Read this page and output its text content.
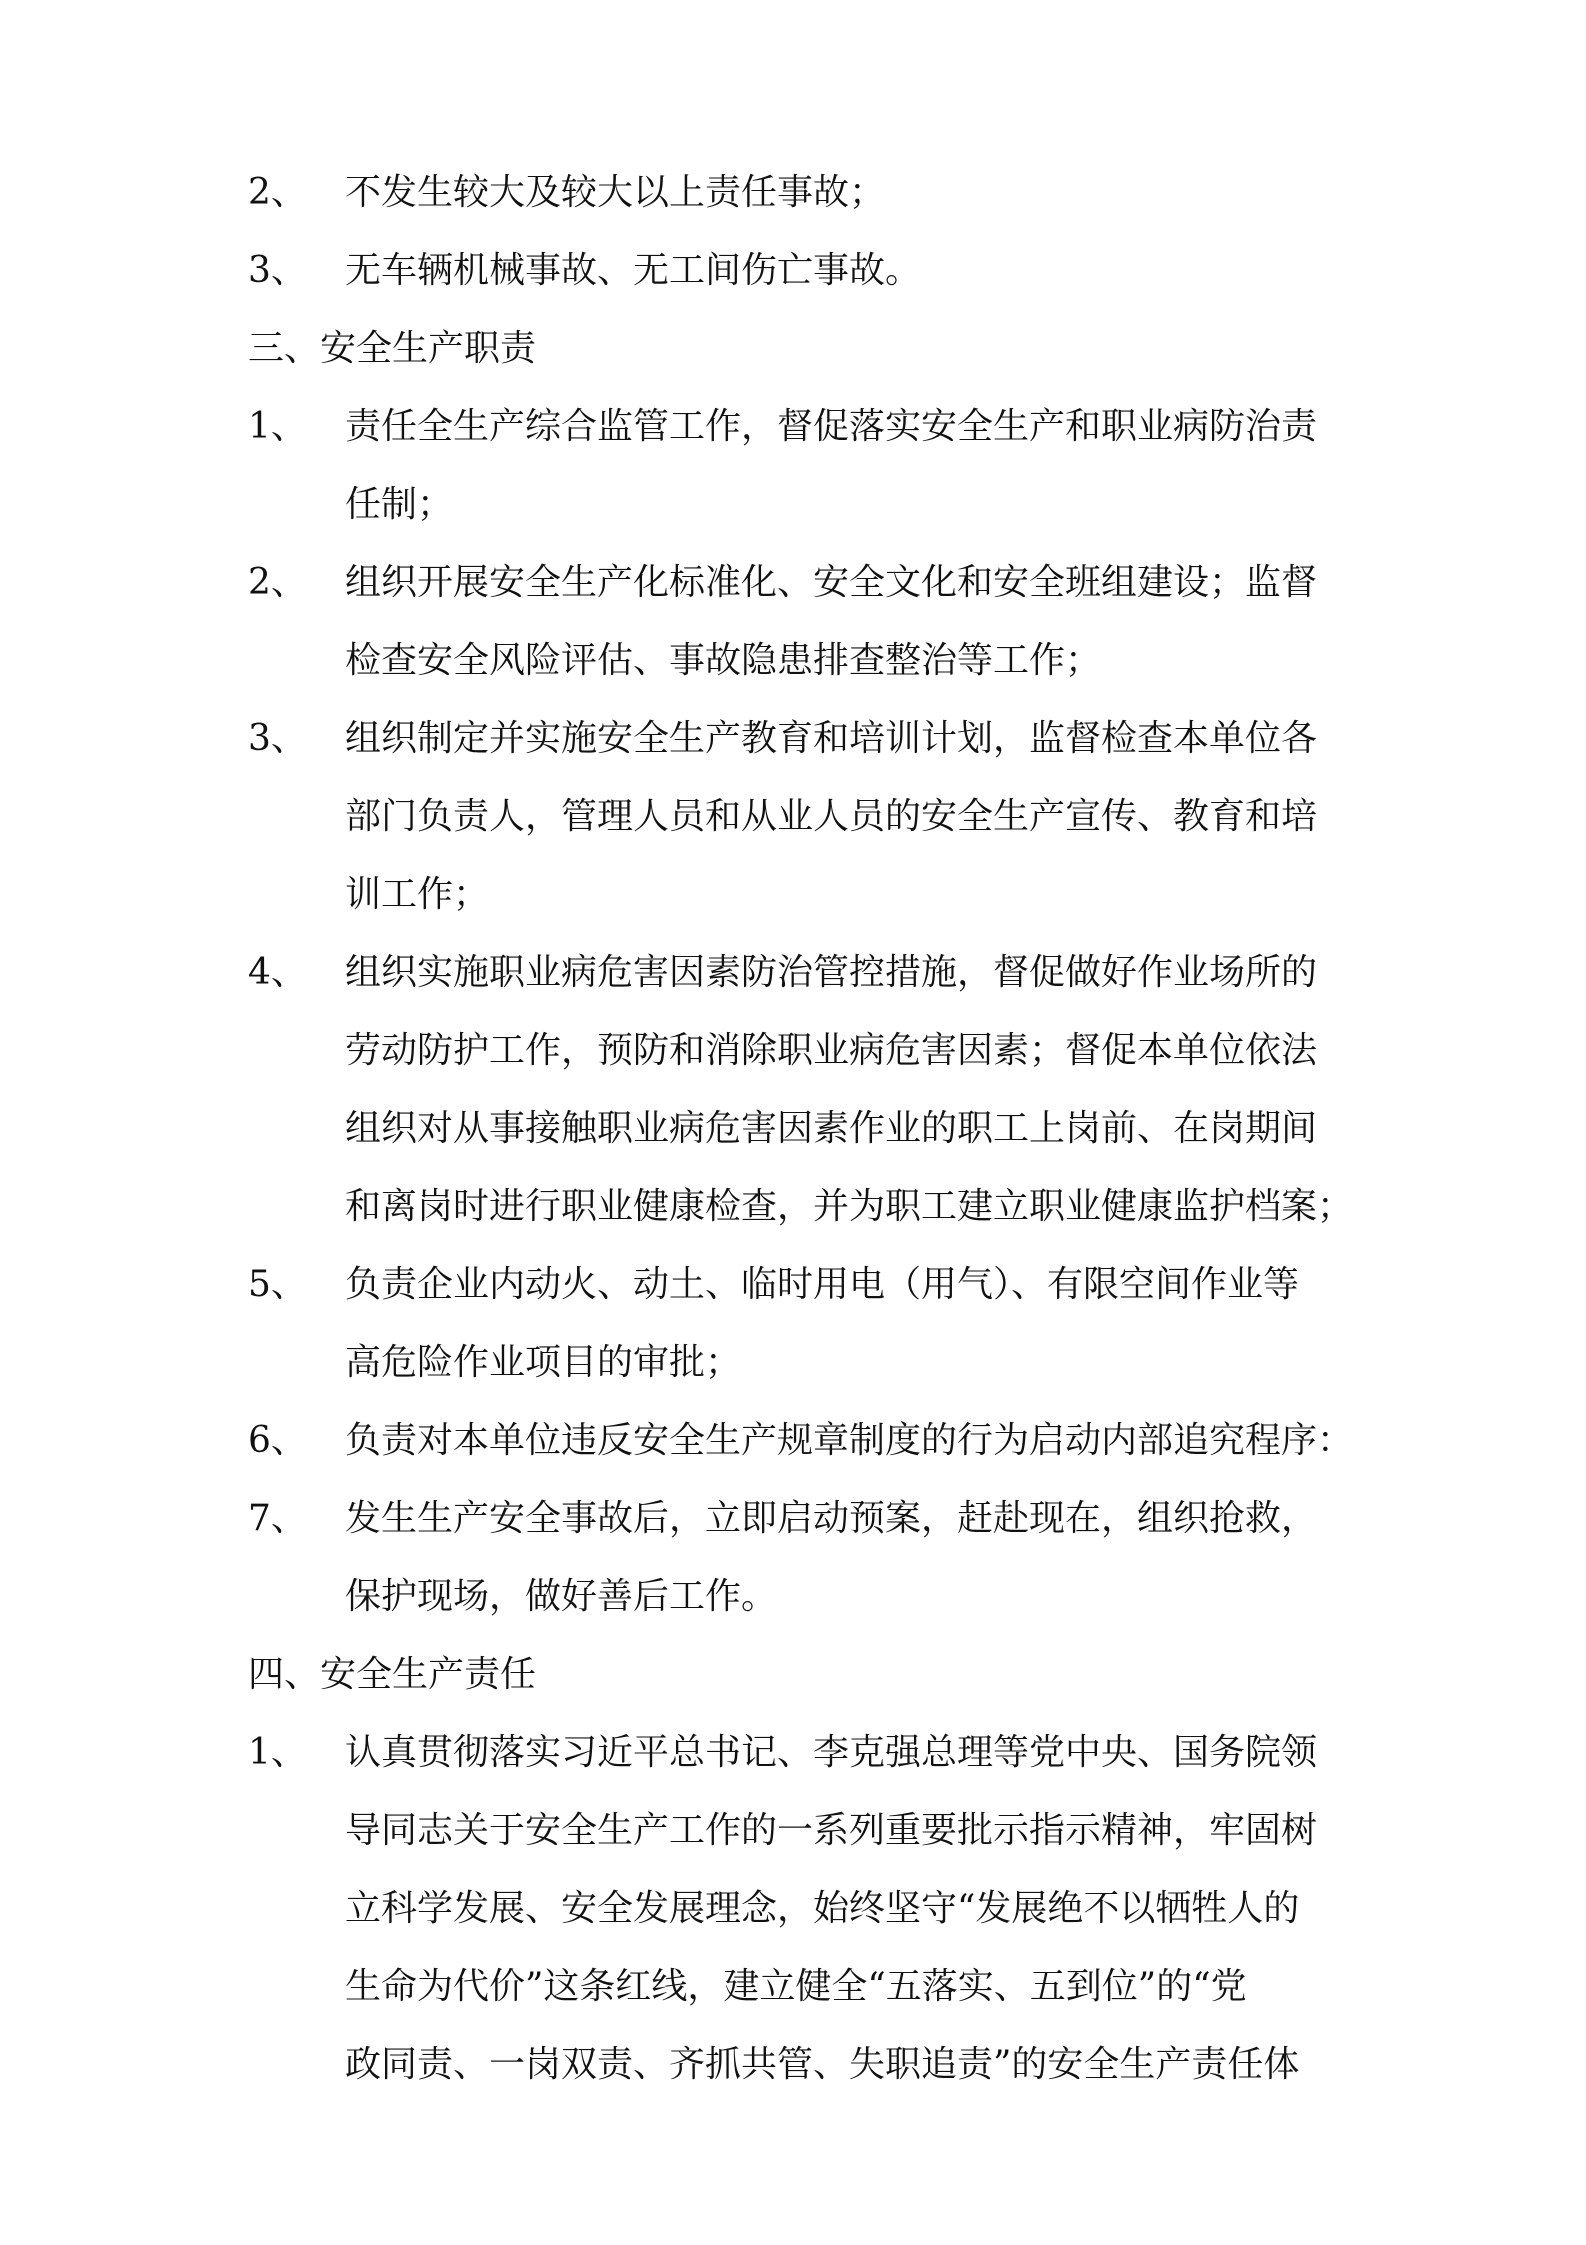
2、 不发生较大及较大以上责任事故；
3、 无车辆机械事故、无工间伤亡事故。
三、安全生产职责
1、 责任全生产综合监管工作，督促落实安全生产和职业病防治责
任制；
2、 组织开展安全生产化标准化、安全文化和安全班组建设；监督
检查安全风险评估、事故隐患排查整治等工作；
3、 组织制定并实施安全生产教育和培训计划，监督检查本单位各
部门负责人，管理人员和从业人员的安全生产宣传、教育和培
训工作；
4、 组织实施职业病危害因素防治管控措施，督促做好作业场所的
劳动防护工作，预防和消除职业病危害因素；督促本单位依法
组织对从事接触职业病危害因素作业的职工上岗前、在岗期间
和离岗时进行职业健康检查，并为职工建立职业健康监护档案；
5、 负责企业内动火、动土、临时用电（用气）、有限空间作业等
高危险作业项目的审批；
6、 负责对本单位违反安全生产规章制度的行为启动内部追究程序：
7、 发生生产安全事故后，立即启动预案，赶赴现在，组织抢救，
保护现场，做好善后工作。
四、安全生产责任
1、 认真贯彻落实习近平总书记、李克强总理等党中央、国务院领
导同志关于安全生产工作的一系列重要批示指示精神，牢固树
立科学发展、安全发展理念，始终坚守“发展绝不以牺牲人的
生命为代价”这条红线，建立健全“五落实、五到位”的“党
政同责、一岗双责、齐抓共管、失职追责”的安全生产责任体
